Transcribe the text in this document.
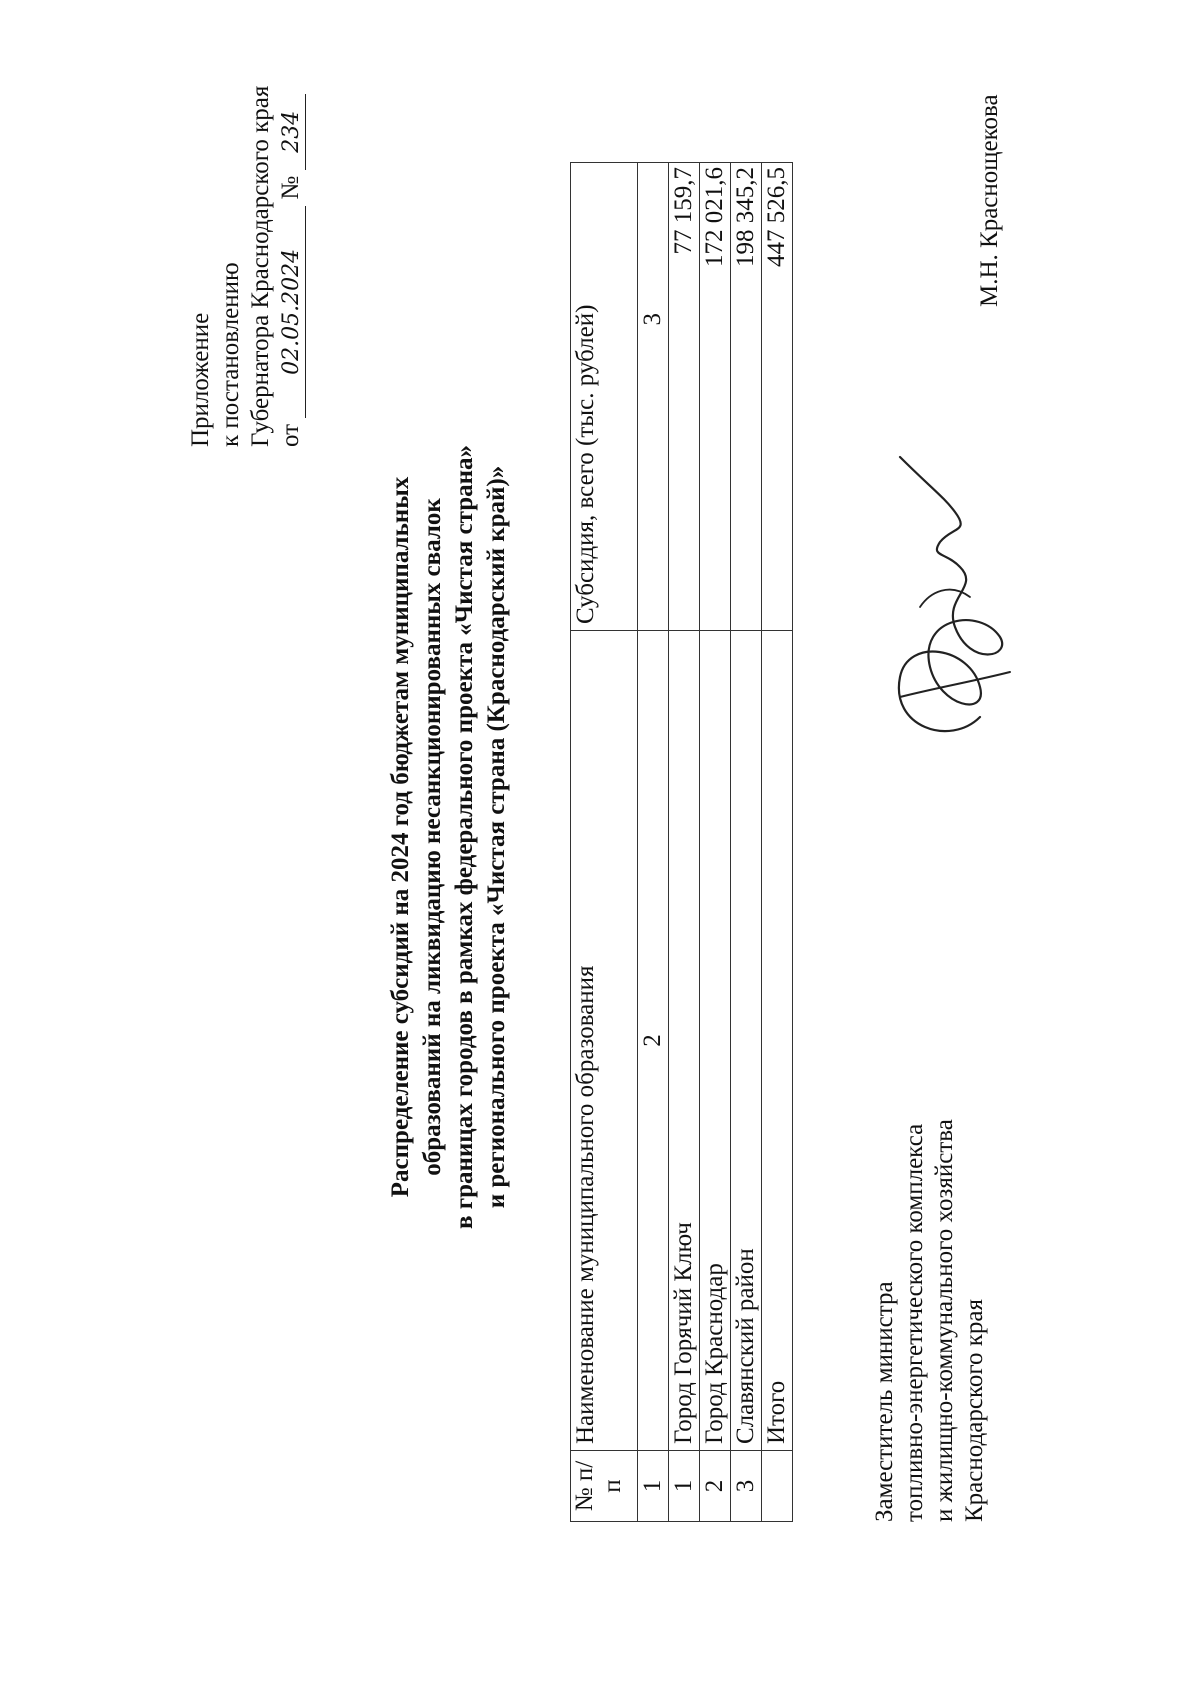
Приложение к постановлению Губернатора Краснодарского края от02.05.2024 №234
Распределение субсидий на 2024 год бюджетам муниципальных образований на ликвидацию несанкционированных свалок в границах городов в рамках федерального проекта «Чистая страна» и регионального проекта «Чистая страна (Краснодарский край)»
№ п/п	Наименование муниципального образования	Субсидия, всего (тыс. рублей)
1	2	3
1	Город Горячий Ключ	77 159,7
2	Город Краснодар	172 021,6
3	Славянский район	198 345,2
	Итого	447 526,5
Заместитель министра топливно-энергетического комплекса и жилищно-коммунального хозяйства Краснодарского края
М.Н. Краснощекова
